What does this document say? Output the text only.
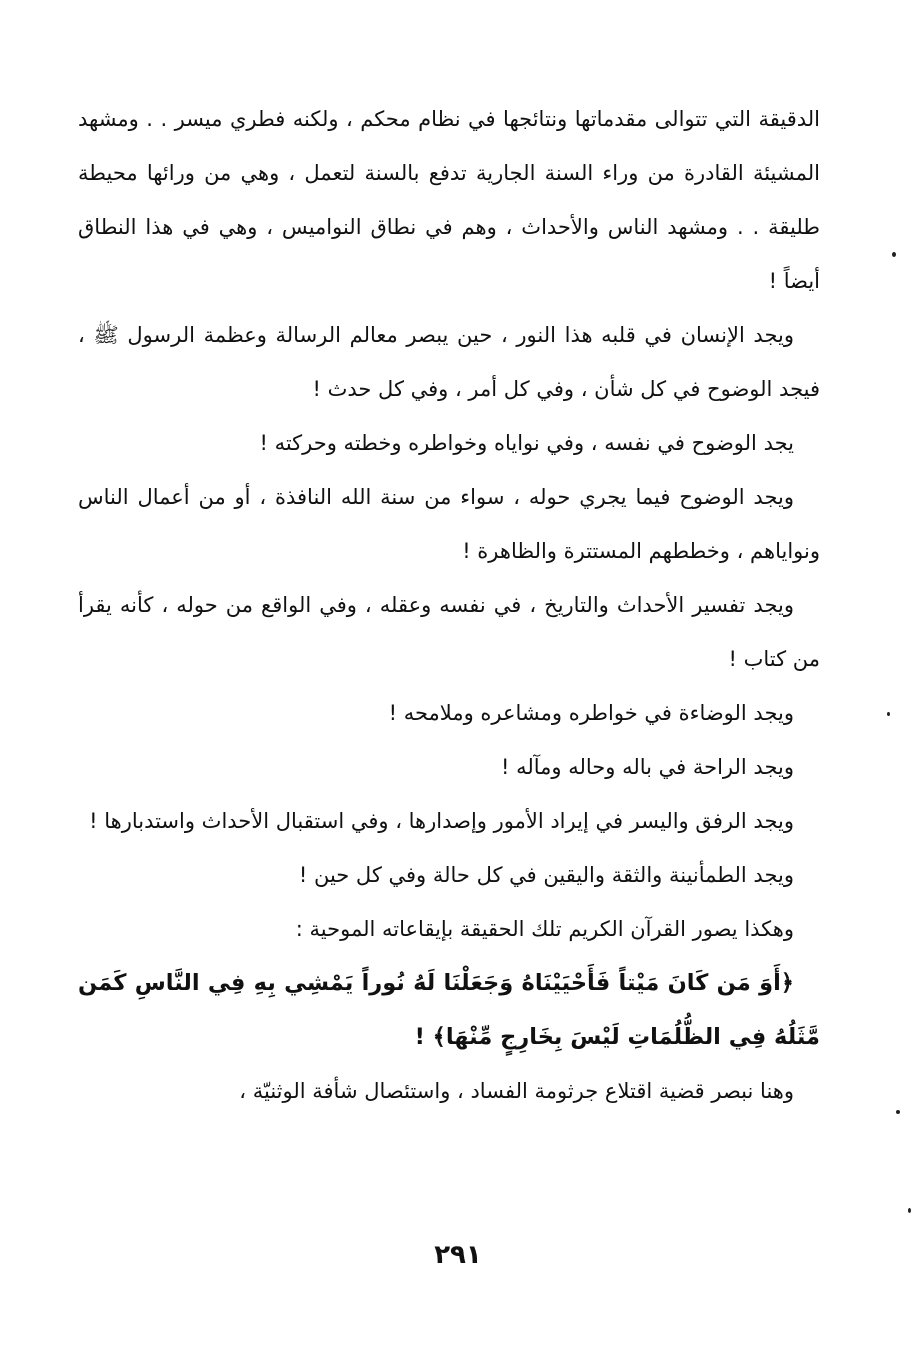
الدقيقة التي تتوالى مقدماتها ونتائجها في نظام محكم ، ولكنه فطري ميسر . . ومشهد المشيئة القادرة من وراء السنة الجارية تدفع بالسنة لتعمل ، وهي من ورائها محيطة طليقة . . ومشهد الناس والأحداث ، وهم في نطاق النواميس ، وهي في هذا النطاق أيضاً !

ويجد الإنسان في قلبه هذا النور ، حين يبصر معالم الرسالة وعظمة الرسول ﷺ ، فيجد الوضوح في كل شأن ، وفي كل أمر ، وفي كل حدث !

يجد الوضوح في نفسه ، وفي نواياه وخواطره وخطته وحركته !

ويجد الوضوح فيما يجري حوله ، سواء من سنة الله النافذة ، أو من أعمال الناس ونواياهم ، وخططهم المستترة والظاهرة !

ويجد تفسير الأحداث والتاريخ ، في نفسه وعقله ، وفي الواقع من حوله ، كأنه يقرأ من كتاب !

ويجد الوضاءة في خواطره ومشاعره وملامحه !

ويجد الراحة في باله وحاله ومآله !

ويجد الرفق واليسر في إيراد الأمور وإصدارها ، وفي استقبال الأحداث واستدبارها !

ويجد الطمأنينة والثقة واليقين في كل حالة وفي كل حين !

وهكذا يصور القرآن الكريم تلك الحقيقة بإيقاعاته الموحية :

﴿أَوَ مَن كَانَ مَيْتاً فَأَحْيَيْنَاهُ وَجَعَلْنَا لَهُ نُوراً يَمْشِي بِهِ فِي النَّاسِ كَمَن مَّثَلُهُ فِي الظُّلُمَاتِ لَيْسَ بِخَارِجٍ مِّنْهَا﴾ !

وهنا نبصر قضية اقتلاع جرثومة الفساد ، واستئصال شأفة الوثنيّة ،

٢٩١
